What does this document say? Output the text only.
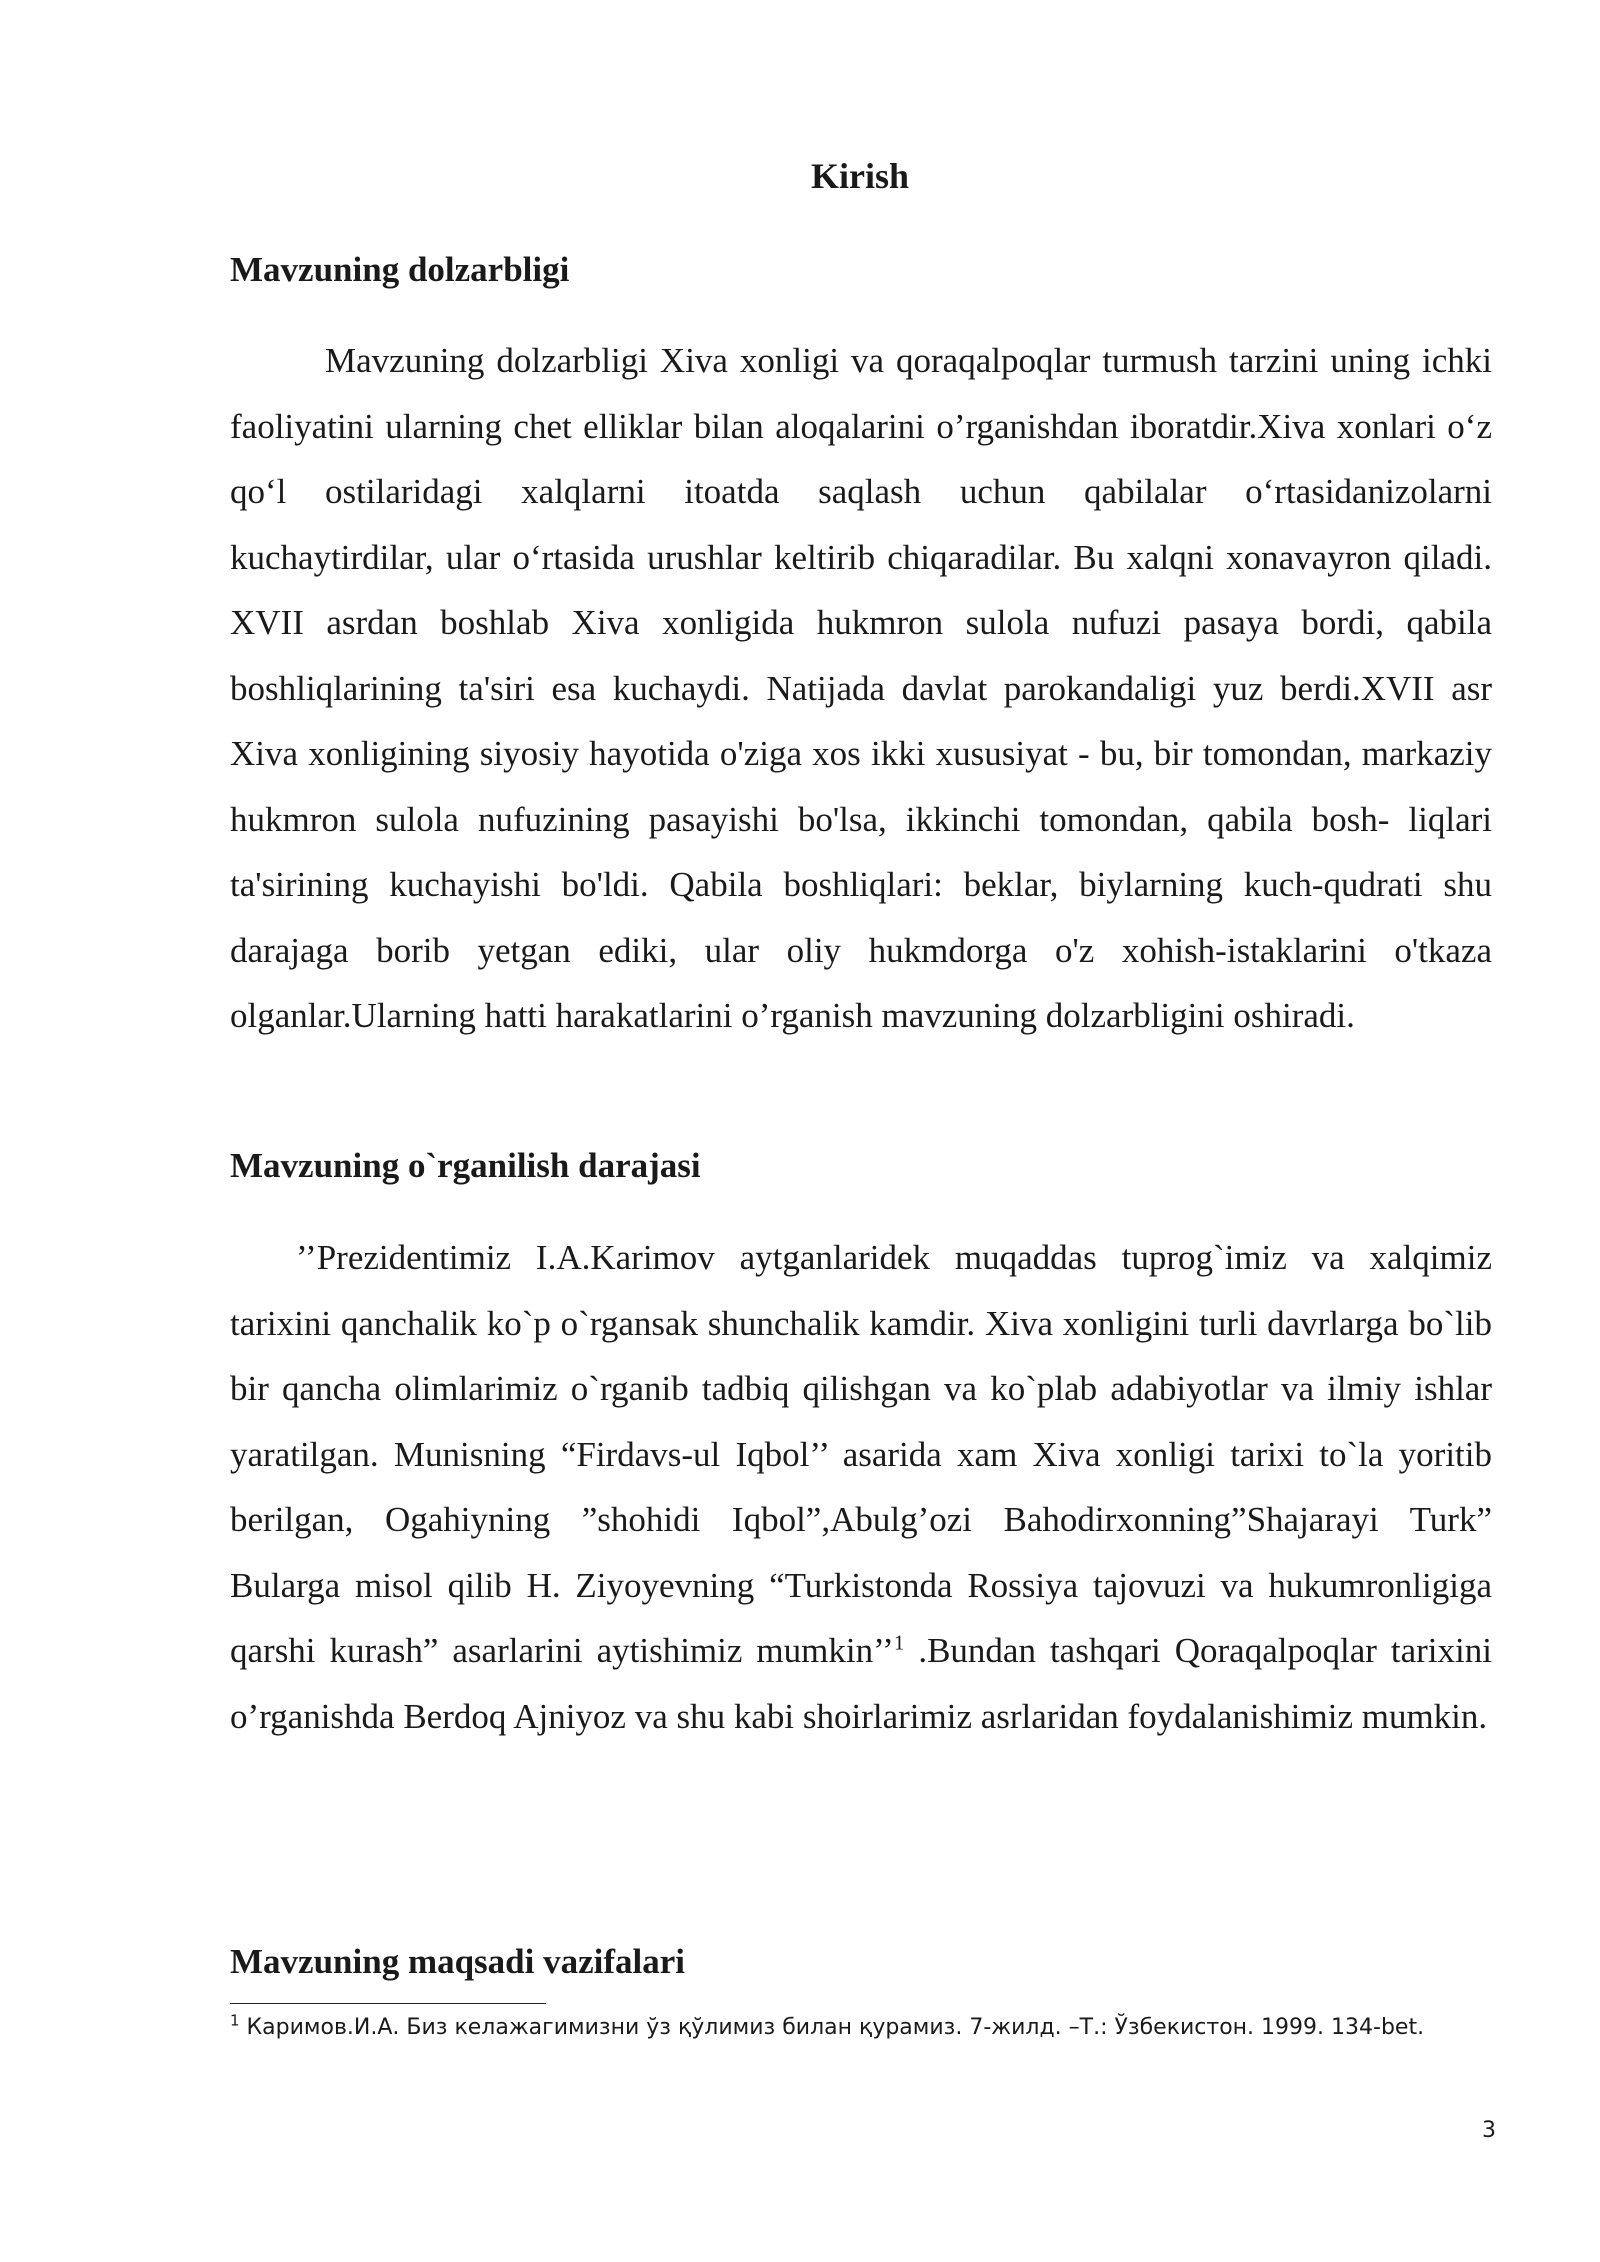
Kirish
Mavzuning dolzarbligi

Mavzuning dolzarbligi Xiva xonligi va qoraqalpoqlar turmush tarzini uning ichki faoliyatini ularning chet elliklar bilan aloqalarini o’rganishdan iboratdir.Xiva xonlari o‘z qo‘l ostilaridagi xalqlarni itoatda saqlash uchun qabilalar o‘rtasidanizolarni kuchaytirdilar, ular o‘rtasida urushlar keltirib chiqaradilar. Bu xalqni xonavayron qiladi. XVII asrdan boshlab Xiva xonligida hukmron sulola nufuzi pasaya bordi, qabila boshliqlarining ta'siri esa kuchaydi. Natijada davlat parokandaligi yuz berdi.XVII asr Xiva xonligining siyosiy hayotida o'ziga xos ikki xususiyat - bu, bir tomondan, markaziy hukmron sulola nufuzining pasayishi bo'lsa, ikkinchi tomondan, qabila bosh- liqlari ta'sirining kuchayishi bo'ldi. Qabila boshliqlari: beklar, biylarning kuch-qudrati shu darajaga borib yetgan ediki, ular oliy hukmdorga o'z xohish-istaklarini o'tkaza olganlar.Ularning hatti harakatlarini o’rganish mavzuning dolzarbligini oshiradi.

Mavzuning o`rganilish darajasi

’’Prezidentimiz I.A.Karimov aytganlaridek muqaddas tuprog`imiz va xalqimiz tarixini qanchalik ko`p o`rgansak shunchalik kamdir. Xiva xonligini turli davrlarga bo`lib bir qancha olimlarimiz o`rganib tadbiq qilishgan va ko`plab adabiyotlar va ilmiy ishlar yaratilgan. Munisning “Firdavs-ul Iqbol’’ asarida xam Xiva xonligi tarixi to`la yoritib berilgan, Ogahiyning ”shohidi Iqbol”,Abulg’ozi Bahodirxonning”Shajarayi Turk” Bularga misol qilib H. Ziyoyevning “Turkistonda Rossiya tajovuzi va hukumronligiga qarshi kurash” asarlarini aytishimiz mumkin’’$^1$ .Bundan tashqari Qoraqalpoqlar tarixini o’rganishda Berdoq Ajniyoz va shu kabi shoirlarimiz asrlaridan foydalanishimiz mumkin.

Mavzuning maqsadi vazifalari
$^1$ Каримов.И.А. Биз келажагимизни ўз қўлимиз билан қурамиз. 7-жилд. –Т.: Ўзбекистон. 1999. 134-bet.
3
